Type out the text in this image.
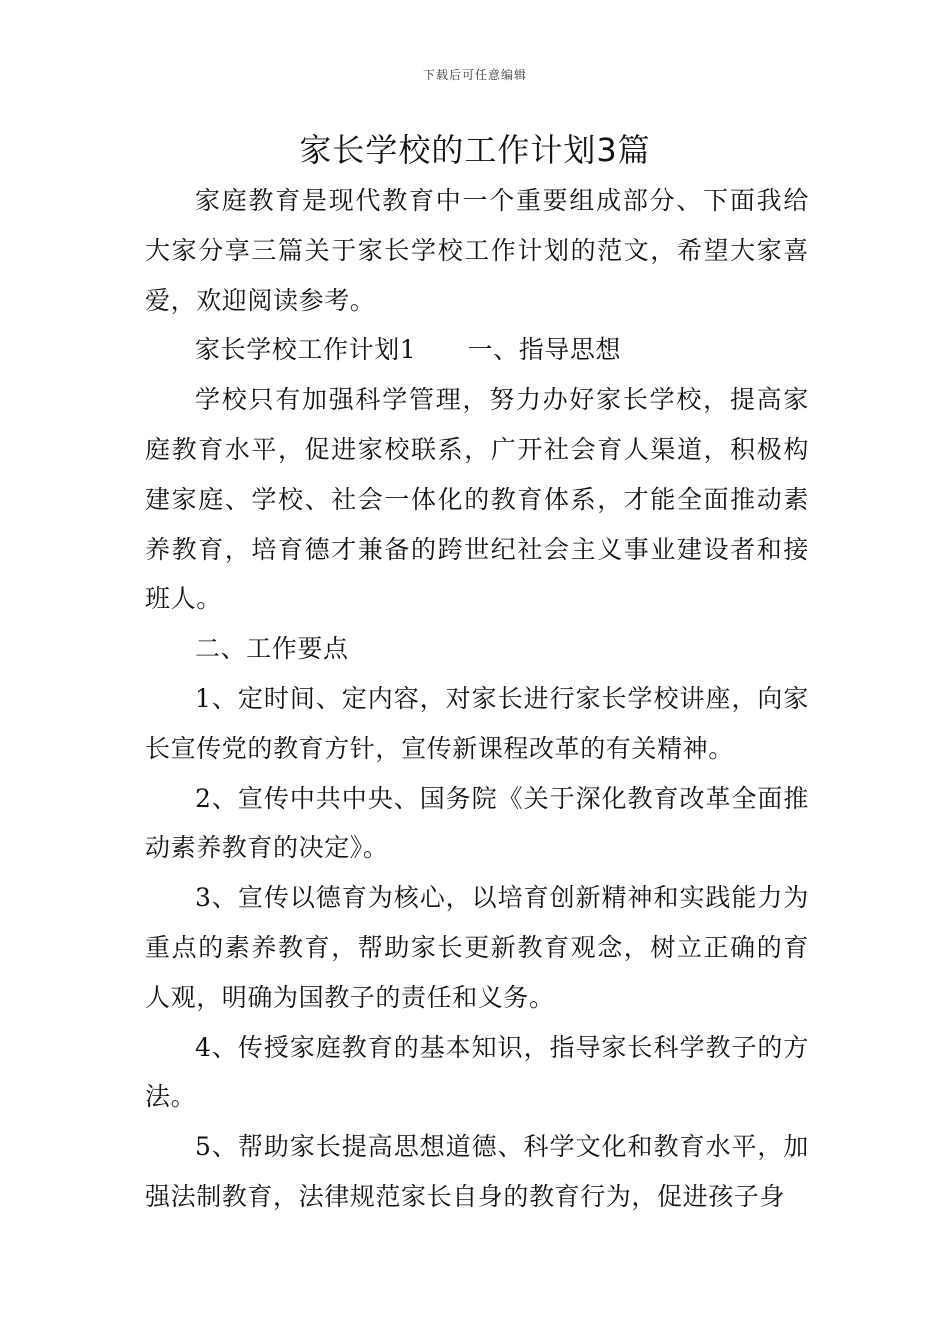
下载后可任意编辑
家长学校的工作计划3篇

家庭教育是现代教育中一个重要组成部分、下面我给大家分享三篇关于家长学校工作计划的范文，希望大家喜爱，欢迎阅读参考。

家长学校工作计划1　　一、指导思想

学校只有加强科学管理，努力办好家长学校，提高家庭教育水平，促进家校联系，广开社会育人渠道，积极构建家庭、学校、社会一体化的教育体系，才能全面推动素养教育，培育德才兼备的跨世纪社会主义事业建设者和接班人。

二、工作要点

1、定时间、定内容，对家长进行家长学校讲座，向家长宣传党的教育方针，宣传新课程改革的有关精神。

2、宣传中共中央、国务院《关于深化教育改革全面推动素养教育的决定》。

3、宣传以德育为核心，以培育创新精神和实践能力为重点的素养教育，帮助家长更新教育观念，树立正确的育人观，明确为国教子的责任和义务。

4、传授家庭教育的基本知识，指导家长科学教子的方法。

5、帮助家长提高思想道德、科学文化和教育水平，加强法制教育，法律规范家长自身的教育行为，促进孩子身
